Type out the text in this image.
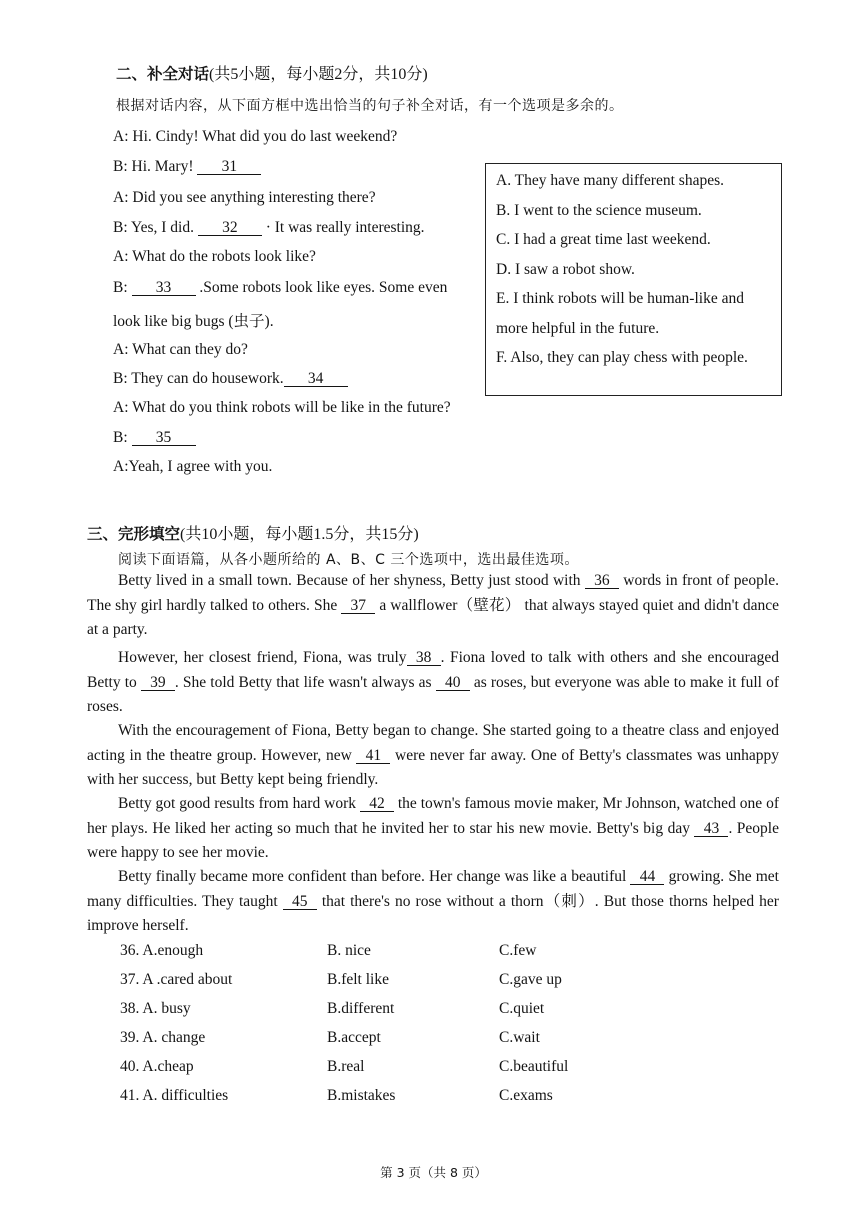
二、补全对话(共5小题，每小题2分，共10分)
根据对话内容，从下面方框中选出恰当的句子补全对话，有一个选项是多余的。
A: Hi. Cindy! What did you do last weekend?
B: Hi. Mary! 31
A: Did you see anything interesting there?
B: Yes, I did. 32 · It was really interesting.
A: What do the robots look like?
B: 33 .Some robots look like eyes. Some even
look like big bugs (虫子).
A: What can they do?
B: They can do housework. 34
A: What do you think robots will be like in the future?
B: 35
A:Yeah, I agree with you.
A. They have many different shapes.
B. I went to the science museum.
C. I had a great time last weekend.
D. I saw a robot show.
E. I think robots will be human-like and
more helpful in the future.
F. Also, they can play chess with people.
三、完形填空(共10小题，每小题1.5分，共15分)
阅读下面语篇，从各小题所给的 A、B、C 三个选项中，选出最佳选项。
Betty lived in a small town. Because of her shyness, Betty just stood with 36 words in front of people. The shy girl hardly talked to others. She 37 a wallflower（壁花） that always stayed quiet and didn't dance at a party.
However, her closest friend, Fiona, was truly 38 . Fiona loved to talk with others and she encouraged Betty to 39 . She told Betty that life wasn't always as 40 as roses, but everyone was able to make it full of roses.
With the encouragement of Fiona, Betty began to change. She started going to a theatre class and enjoyed acting in the theatre group. However, new 41 were never far away. One of Betty's classmates was unhappy with her success, but Betty kept being friendly.
Betty got good results from hard work 42 the town's famous movie maker, Mr Johnson, watched one of her plays. He liked her acting so much that he invited her to star his new movie. Betty's big day 43 . People were happy to see her movie.
Betty finally became more confident than before. Her change was like a beautiful 44 growing. She met many difficulties. They taught 45 that there's no rose without a thorn（刺）. But those thorns helped her improve herself.
36. A.enough	B. nice	C.few
37. A .cared about	B.felt like	C.gave up
38. A. busy	B.different	C.quiet
39. A. change	B.accept	C.wait
40. A.cheap	B.real	C.beautiful
41. A. difficulties	B.mistakes	C.exams
第 3 页（共 8 页）
